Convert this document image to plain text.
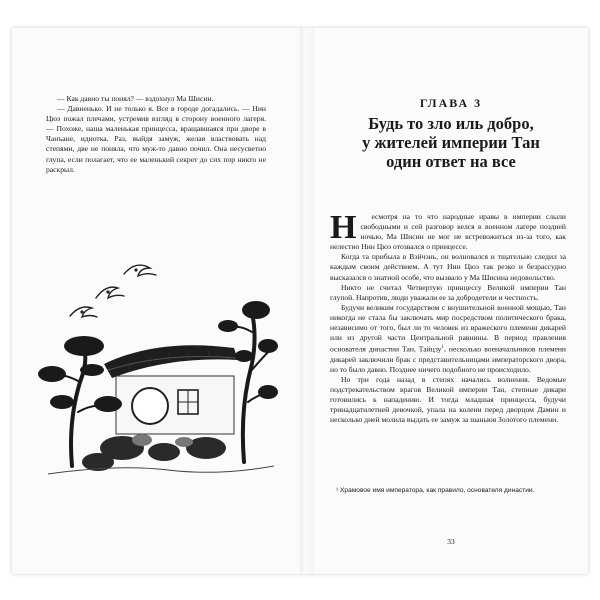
— Как давно ты понял? — вздохнул Ма Шисин.

— Давненько. И не только я. Все в городе догадались. — Нин Цюэ пожал плечами, устремив взгляд в сторону военного лагеря. — Похоже, наша маленькая принцесса, вращавшаяся при дворе в Чанъане, идиотка. Раз, выйдя замуж, желая властвовать над степями, две не поняла, что муж-то давно почил. Она несусветно глупа, если полагает, что ее маленький секрет до сих пор никто не раскрыл.

ГЛАВА 3
Будь то зло иль добро,
у жителей империи Тан
один ответ на все

Н есмотря на то что народные нравы в империи слыли свободными и сей разговор велся в военном лагере поздней ночью, Ма Шисин не мог не встревожиться из-за того, как нелестно Нин Цюэ отозвался о принцессе.

Когда та прибыла в Вэйчэнь, он волновался и тщательно следил за каждым своим действием. А тут Нин Цюэ так резко и безрассудно высказался о знатной особе, что вызвало у Ма Шисина недовольство.

Никто не считал Четвертую принцессу Великой империи Тан глупой. Напротив, люди уважали ее за добродетели и честность.

Будучи великим государством с внушительной военной мощью, Тан никогда не стала бы заключать мир посредством политического брака, независимо от того, был ли то человек из вражеского племени дикарей или из другой части Центральной равнины. В период правления основателя династии Тан, Тайцзу$^1$, несколько военачальников племени дикарей заключили брак с представительницами императорского двора, но то было давно. Позднее ничего подобного не происходило.

Но три года назад в степях начались волнения. Ведомые подстрекательством врагов Великой империи Тан, степные дикари готовились к нападению. И тогда младшая принцесса, будучи тринадцатилетней девочкой, упала на колени перед дворцом Дамин и несколько дней молила выдать ее замуж за шаньюя Золотого племени.

¹ Храмовое имя императора, как правило, основателя династии.
33
